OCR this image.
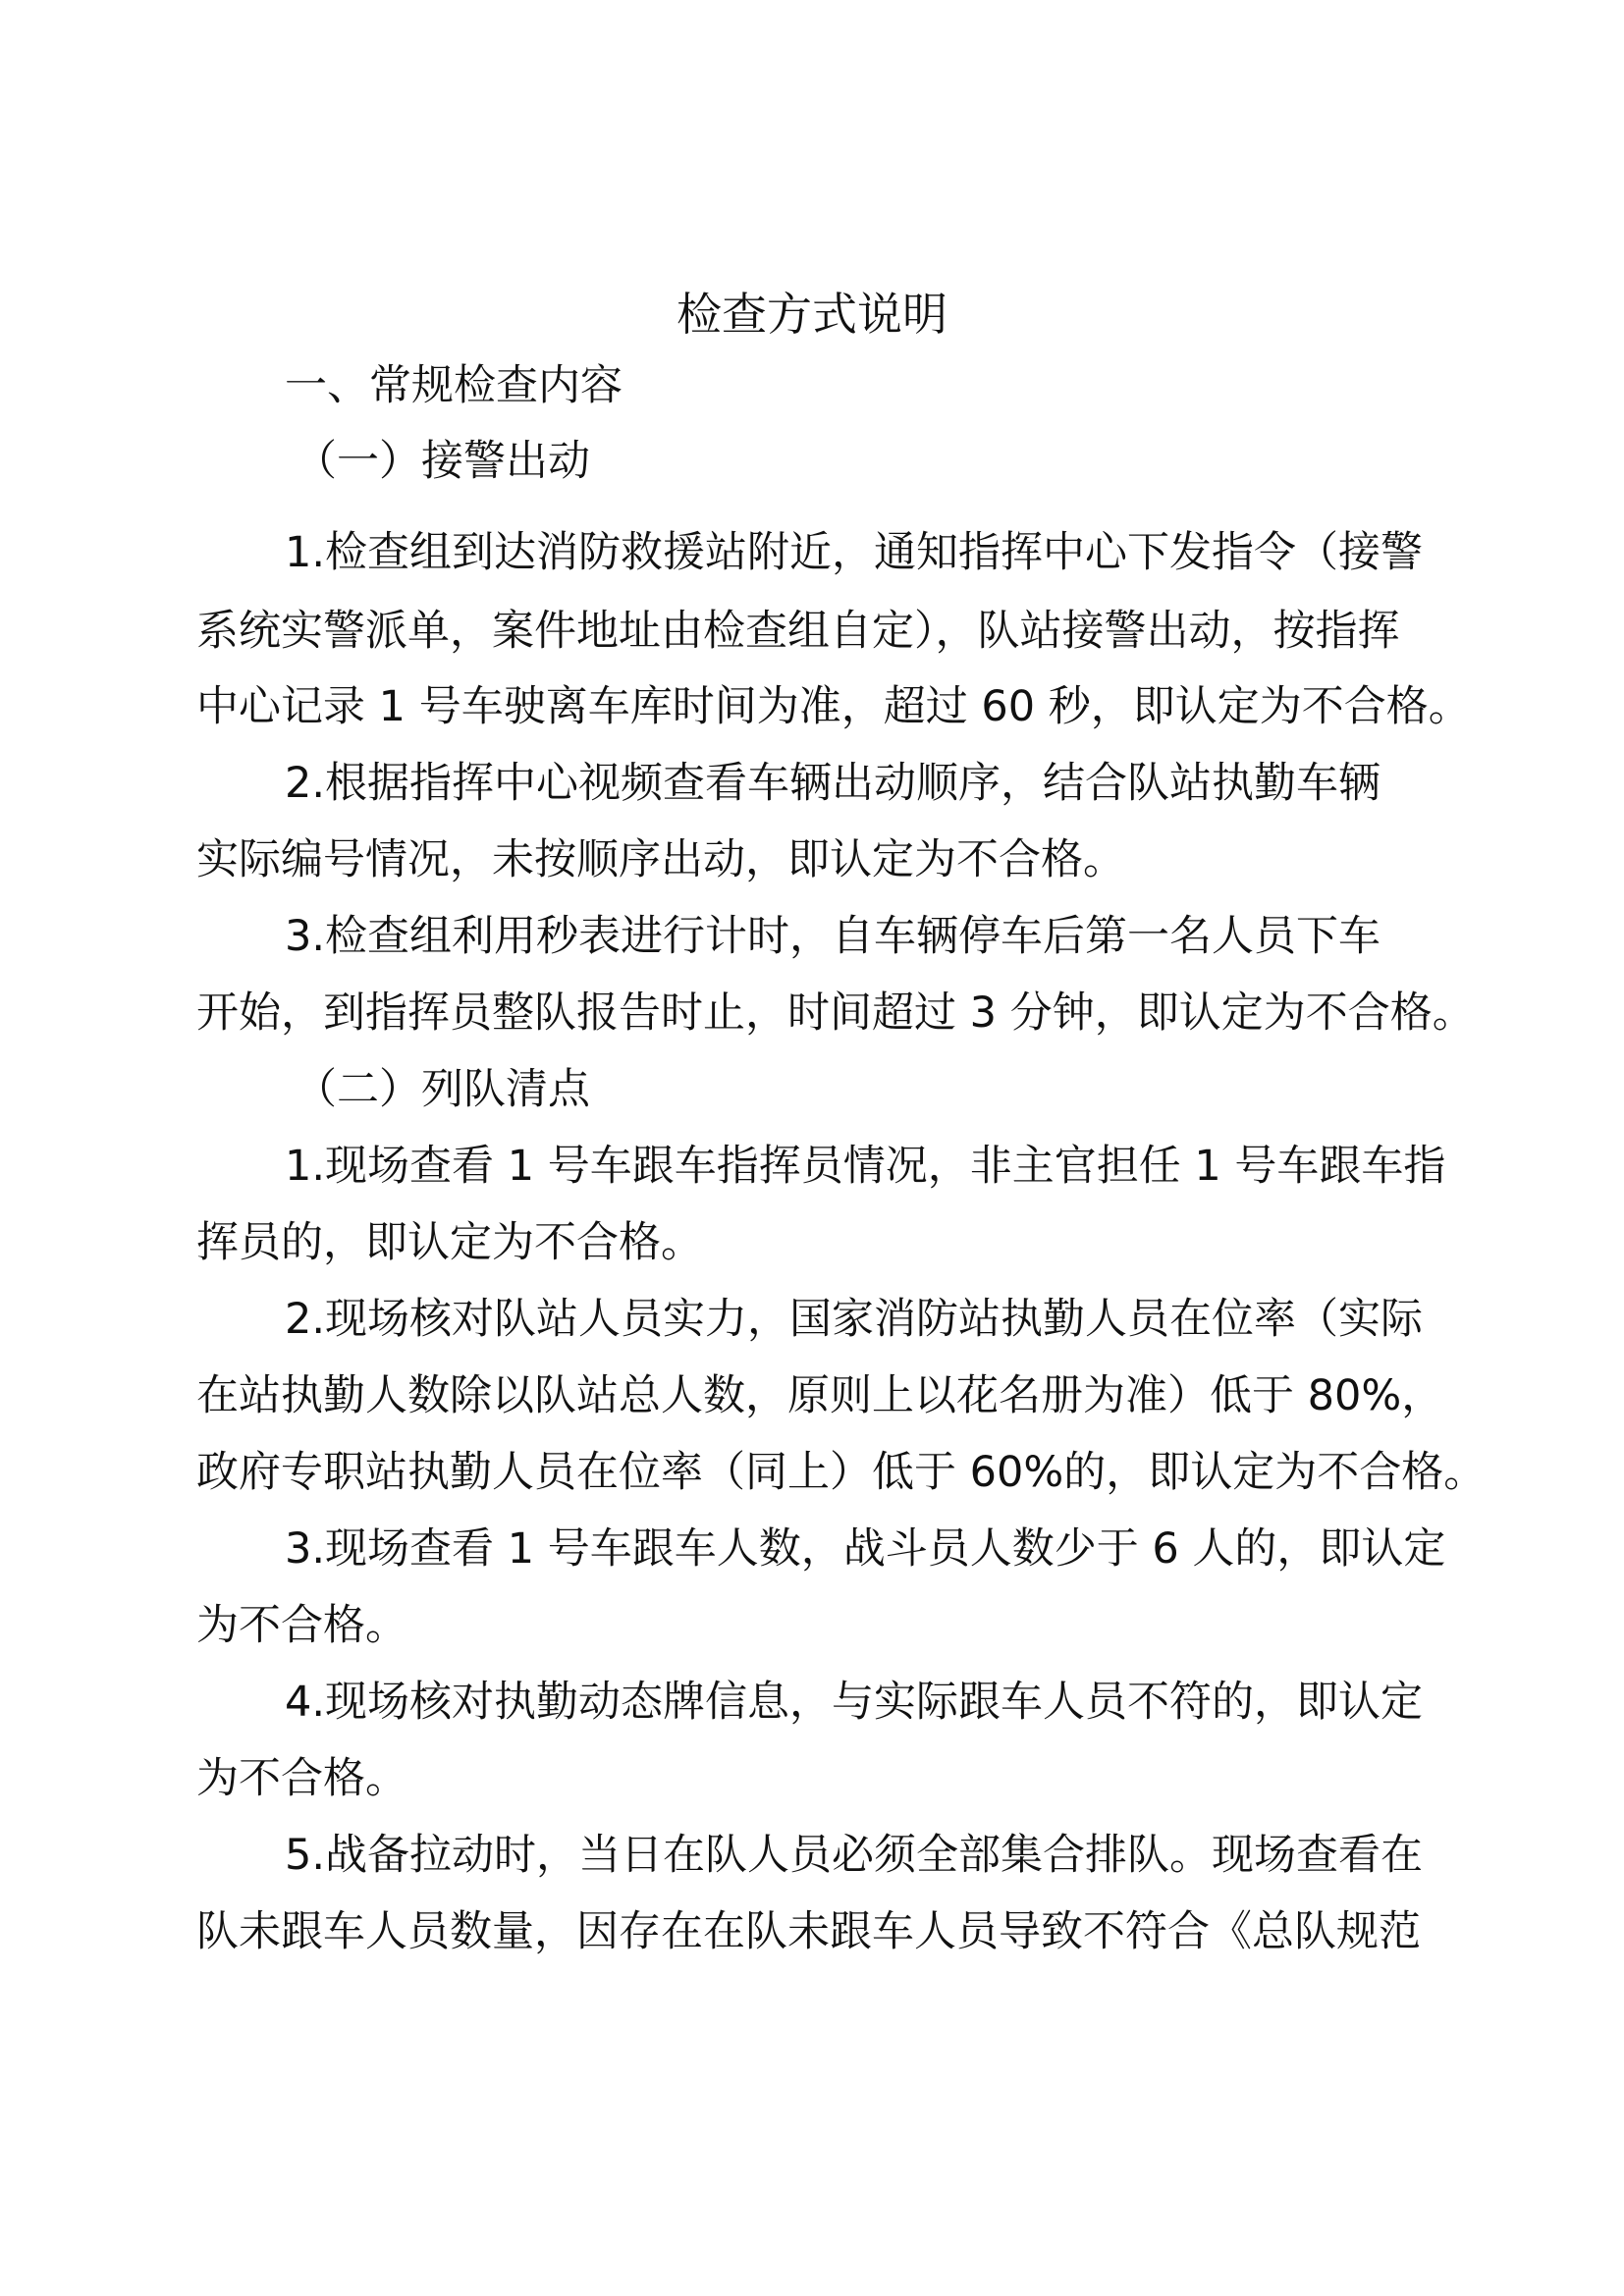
检查方式说明
一、常规检查内容
（一）接警出动
1.检查组到达消防救援站附近，通知指挥中心下发指令（接警
系统实警派单，案件地址由检查组自定），队站接警出动，按指挥
中心记录 1 号车驶离车库时间为准，超过 60 秒，即认定为不合格。
2.根据指挥中心视频查看车辆出动顺序，结合队站执勤车辆
实际编号情况，未按顺序出动，即认定为不合格。
3.检查组利用秒表进行计时，自车辆停车后第一名人员下车
开始，到指挥员整队报告时止，时间超过 3 分钟，即认定为不合格。
（二）列队清点
1.现场查看 1 号车跟车指挥员情况，非主官担任 1 号车跟车指
挥员的，即认定为不合格。
2.现场核对队站人员实力，国家消防站执勤人员在位率（实际
在站执勤人数除以队站总人数，原则上以花名册为准）低于 80%，
政府专职站执勤人员在位率（同上）低于 60%的，即认定为不合格。
3.现场查看 1 号车跟车人数，战斗员人数少于 6 人的，即认定
为不合格。
4.现场核对执勤动态牌信息，与实际跟车人员不符的，即认定
为不合格。
5.战备拉动时，当日在队人员必须全部集合排队。现场查看在
队未跟车人员数量，因存在在队未跟车人员导致不符合《总队规范
